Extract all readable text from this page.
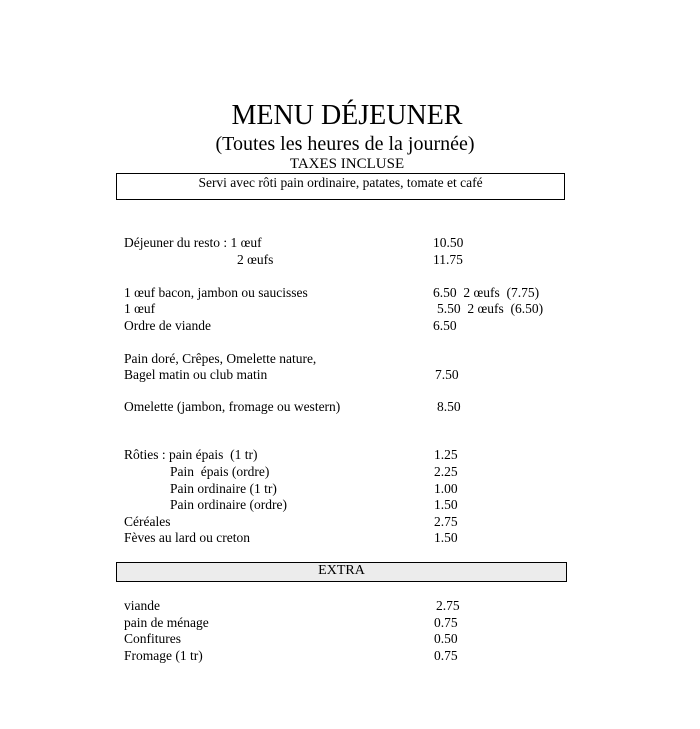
MENU DÉJEUNER
(Toutes les heures de la journée)
TAXES INCLUSE
Servi avec rôti pain ordinaire, patates, tomate et café
Déjeuner du resto : 1 œuf	10.50
2 œufs	11.75
1 œuf bacon, jambon ou saucisses	6.50  2 œufs  (7.75)
1 œuf	5.50  2 œufs  (6.50)
Ordre de viande	6.50
Pain doré, Crêpes, Omelette nature,
Bagel matin ou club matin	7.50
Omelette (jambon, fromage ou western)	8.50
Rôties : pain épais  (1 tr)	1.25
Pain  épais (ordre)	2.25
Pain ordinaire (1 tr)	1.00
Pain ordinaire (ordre)	1.50
Céréales	2.75
Fèves au lard ou creton	1.50
EXTRA
viande	2.75
pain de ménage	0.75
Confitures	0.50
Fromage (1 tr)	0.75
